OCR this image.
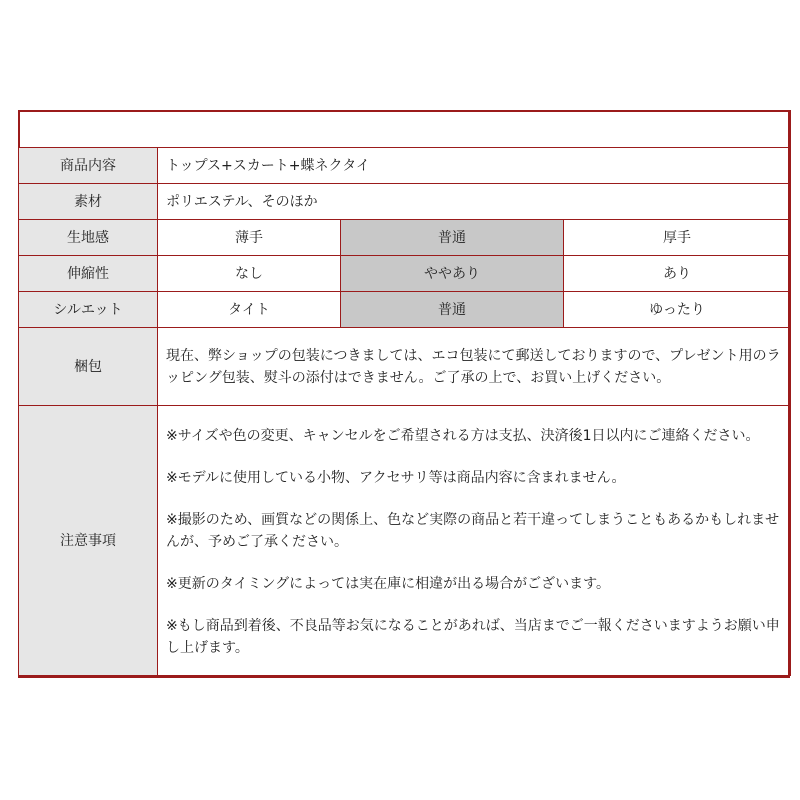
商品内容	トップス+スカート+蝶ネクタイ		
素材	ポリエステル、そのほか		
生地感	薄手	普通	厚手
伸縮性	なし	ややあり	あり
シルエット	タイト	普通	ゆったり
梱包	現在、弊ショップの包装につきましては、エコ包装にて郵送しておりますので、プレゼント用のラッピング包装、熨斗の添付はできません。ご了承の上で、お買い上げください。		
注意事項	※サイズや色の変更、キャンセルをご希望される方は支払、決済後1日以内にご連絡ください。
※モデルに使用している小物、アクセサリ等は商品内容に含まれません。
※撮影のため、画質などの関係上、色など実際の商品と若干違ってしまうこともあるかもしれませんが、予めご了承ください。
※更新のタイミングによっては実在庫に相違が出る場合がございます。
※もし商品到着後、不良品等お気になることがあれば、当店までご一報くださいますようお願い申し上げます。		
